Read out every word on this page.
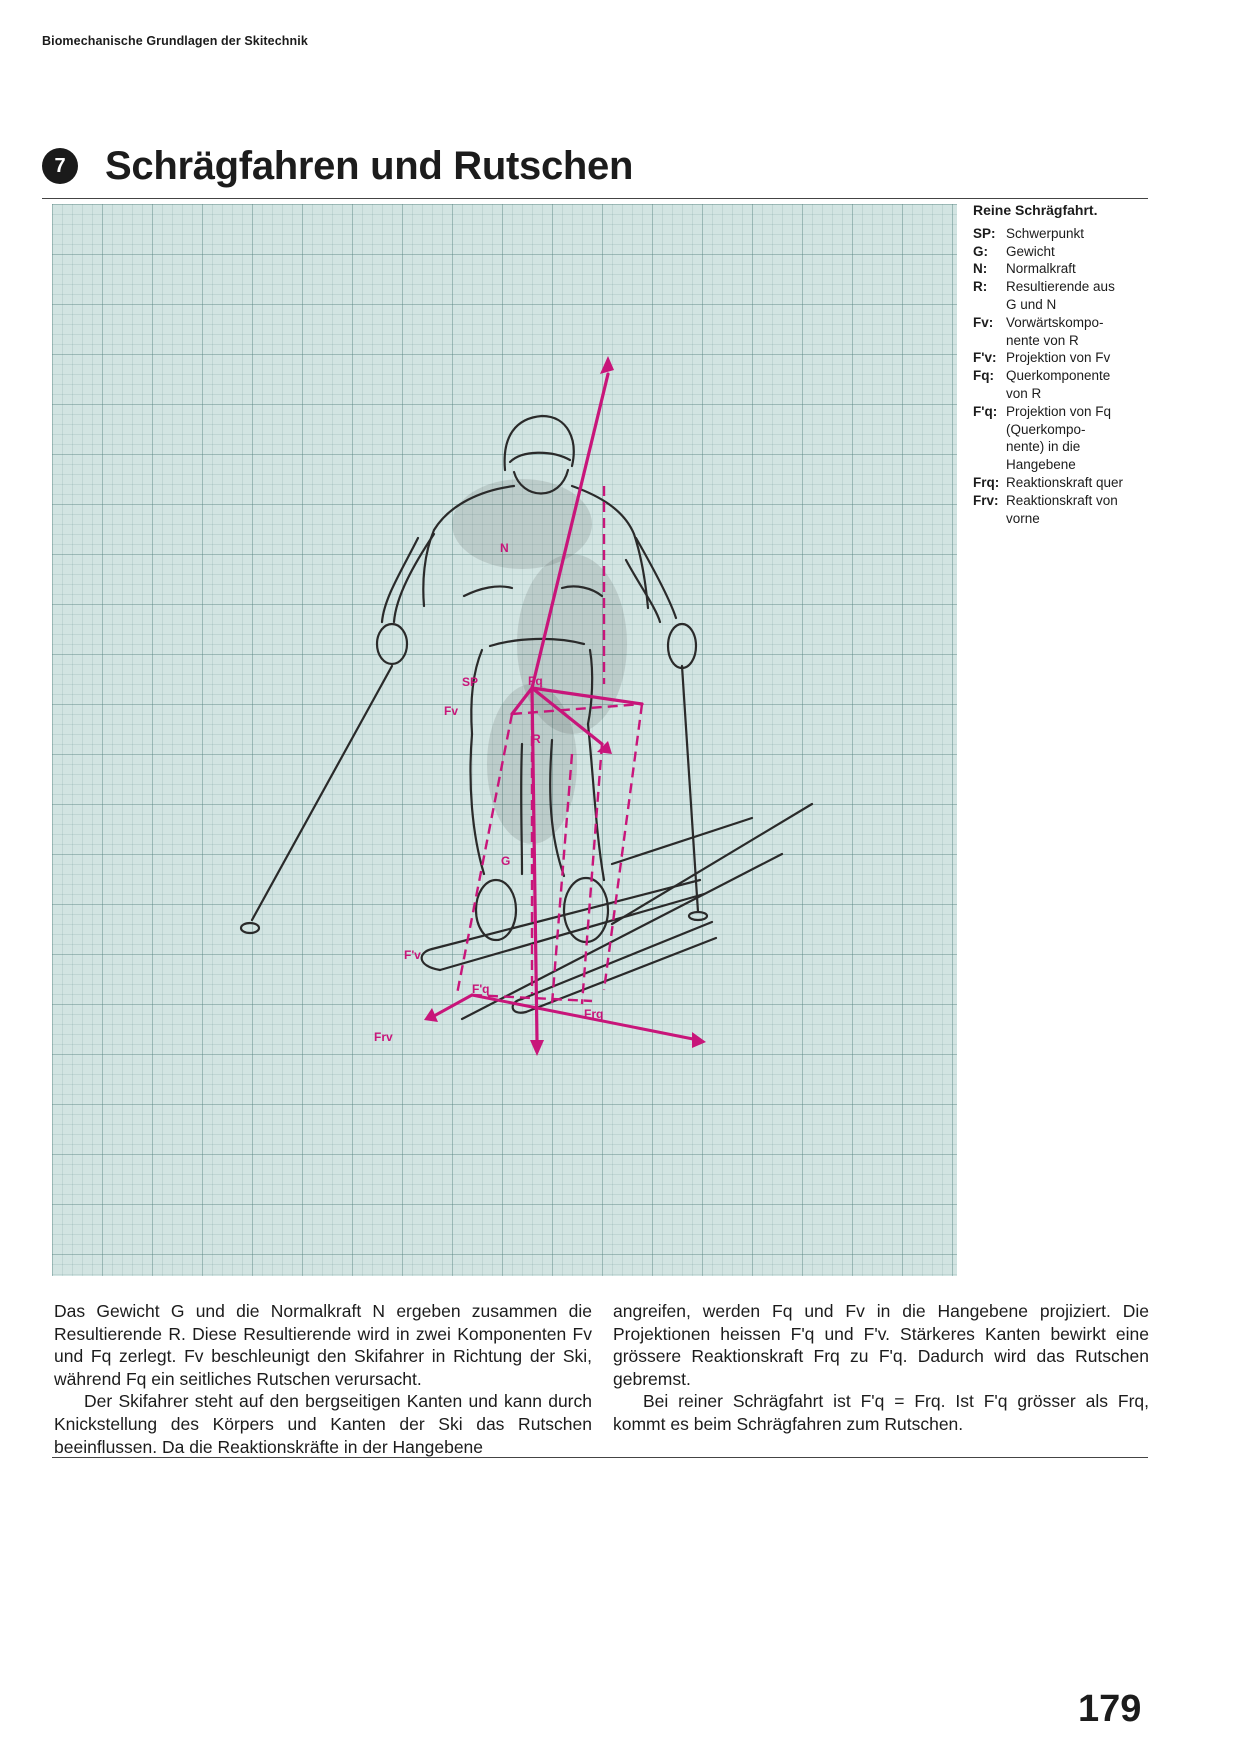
Biomechanische Grundlagen der Skitechnik
7 Schrägfahren und Rutschen
N
SP
Fv
Fq
R
G
F'v
F'q
Frv
Frq
Reine Schrägfahrt.
SP: Schwerpunkt
G:	Gewicht
N:	Normalkraft
R:	Resultierende aus
G und N
Fv: Vorwärtskompo-
nente von R
F'v: Projektion von Fv
Fq: Querkomponente
von R
F'q: Projektion von Fq
(Querkompo-
nente) in die
Hangebene
Frq: Reaktionskraft quer
Frv: Reaktionskraft von
vorne

Das Gewicht G und die Normalkraft N ergeben zusammen die Resultierende R. Diese Resultierende wird in zwei Komponenten Fv und Fq zerlegt. Fv beschleunigt den Skifahrer in Richtung der Ski, während Fq ein seitliches Rutschen verursacht.

Der Skifahrer steht auf den bergseitigen Kanten und kann durch Knickstellung des Körpers und Kanten der Ski das Rutschen beeinflussen. Da die Reaktionskräfte in der Hangebene

angreifen, werden Fq und Fv in die Hangebene projiziert. Die Projektionen heissen F'q und F'v. Stärkeres Kanten bewirkt eine grössere Reaktionskraft Frq zu F'q. Dadurch wird das Rutschen gebremst.

Bei reiner Schrägfahrt ist F'q = Frq. Ist F'q grösser als Frq, kommt es beim Schrägfahren zum Rutschen.

179
